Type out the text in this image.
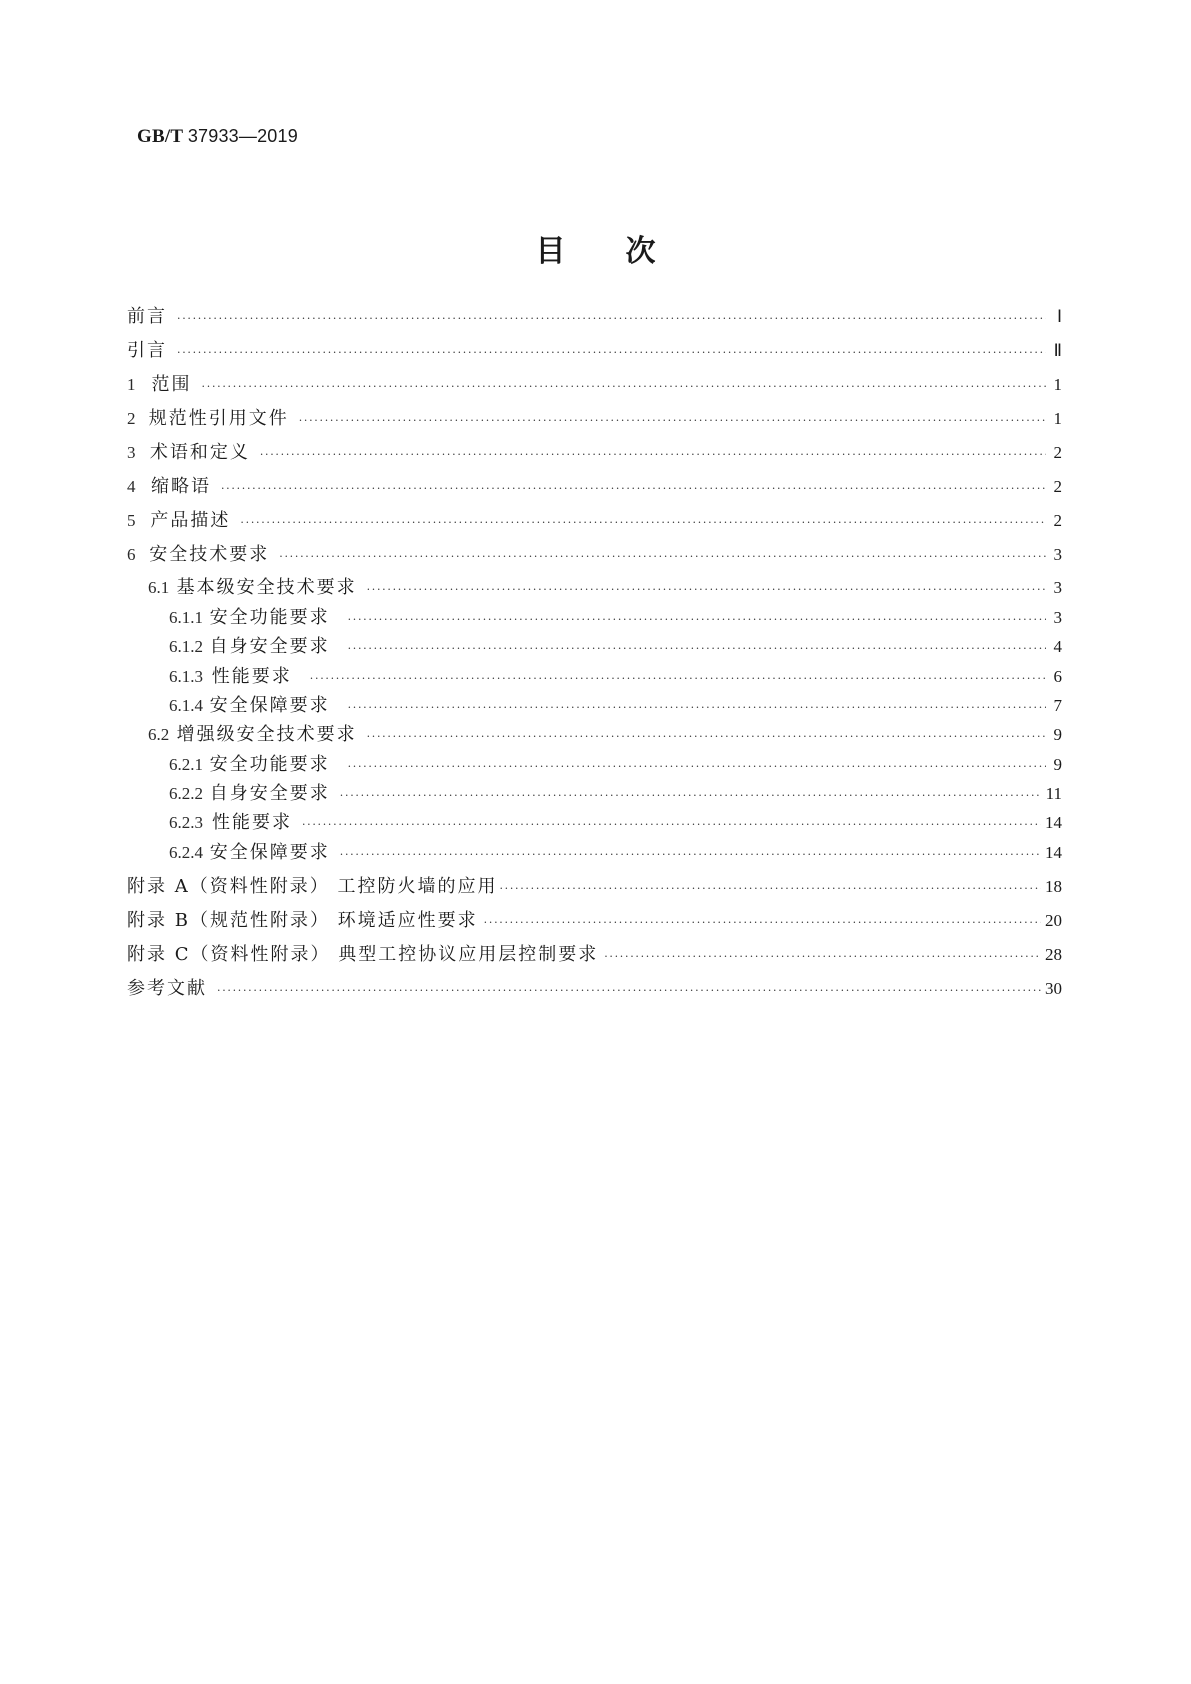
GB/T 37933—2019
目次
前言 ·····	Ⅰ
引言 ·····	Ⅱ
1 范围 ·····	1
2 规范性引用文件 ·····	1
3 术语和定义 ·····	2
4 缩略语 ·····	2
5 产品描述 ·····	2
6 安全技术要求 ·····	3
6.1 基本级安全技术要求 ·····	3
6.1.1 安全功能要求 ·····	3
6.1.2 自身安全要求 ·····	4
6.1.3 性能要求 ·····	6
6.1.4 安全保障要求 ·····	7
6.2 增强级安全技术要求 ·····	9
6.2.1 安全功能要求 ·····	9
6.2.2 自身安全要求 ·····	11
6.2.3 性能要求 ·····	14
6.2.4 安全保障要求 ·····	14
附录 A（资料性附录） 工控防火墙的应用 ·····	18
附录 B（规范性附录） 环境适应性要求 ·····	20
附录 C（资料性附录） 典型工控协议应用层控制要求 ·····	28
参考文献 ·····	30
